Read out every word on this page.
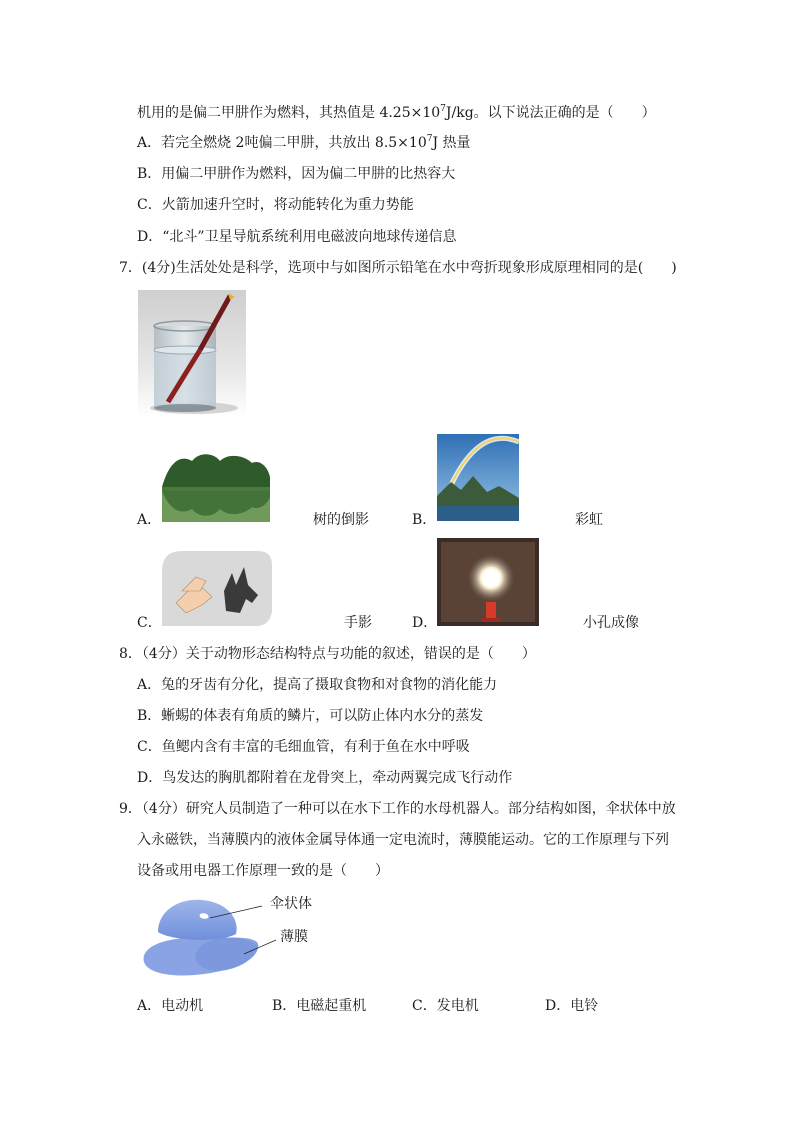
机用的是偏二甲肼作为燃料，其热值是 $4.25\times 10^7J/kg$。以下说法正确的是（　　）
A．若完全燃烧 2吨偏二甲肼，共放出 $8.5\times 10^7J$ 热量
B．用偏二甲肼作为燃料，因为偏二甲肼的比热容大
C．火箭加速升空时，将动能转化为重力势能
D．“北斗”卫星导航系统利用电磁波向地球传递信息
7．(4分)生活处处是科学，选项中与如图所示铅笔在水中弯折现象形成原理相同的是(　　)
A．	树的倒影	B．	彩虹
C．	手影	D．	小孔成像
8．（4分）关于动物形态结构特点与功能的叙述，错误的是（　　）
A．兔的牙齿有分化，提高了摄取食物和对食物的消化能力
B．蜥蜴的体表有角质的鳞片，可以防止体内水分的蒸发
C．鱼鳃内含有丰富的毛细血管，有利于鱼在水中呼吸
D．鸟发达的胸肌都附着在龙骨突上，牵动两翼完成飞行动作
9．（4分）研究人员制造了一种可以在水下工作的水母机器人。部分结构如图，伞状体中放
入永磁铁，当薄膜内的液体金属导体通一定电流时，薄膜能运动。它的工作原理与下列
设备或用电器工作原理一致的是（　　）
伞状体
薄膜
A．电动机	B．电磁起重机	C．发电机	D．电铃
